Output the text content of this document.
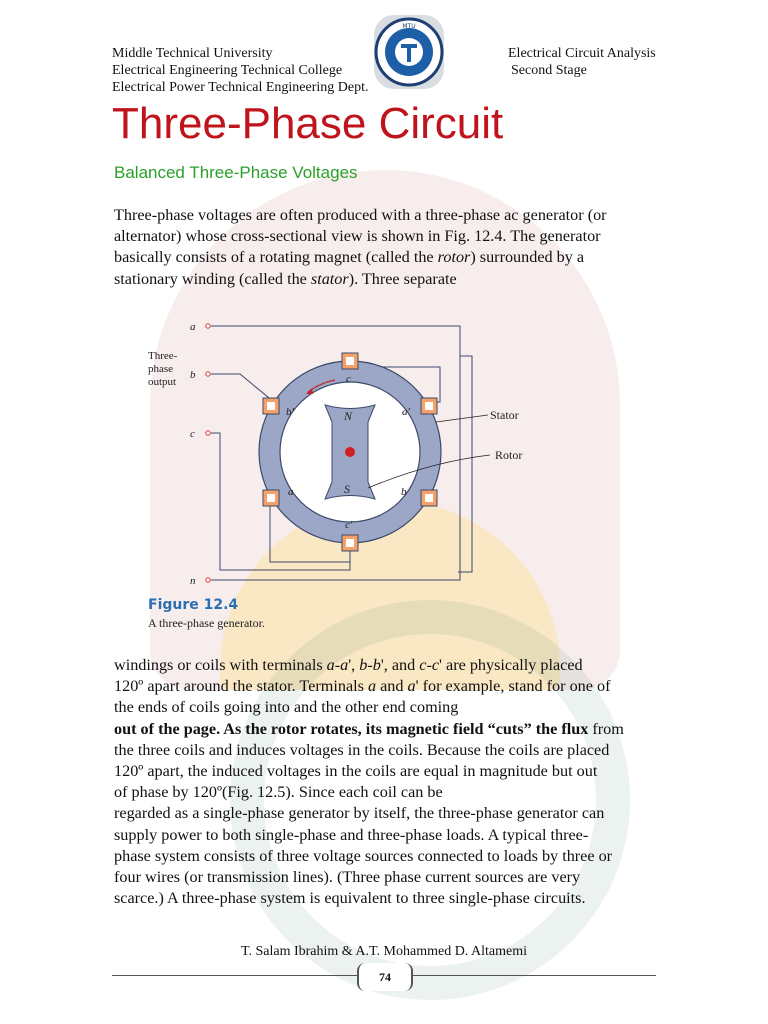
Middle Technical University
Electrical Engineering Technical College
Electrical Power Technical Engineering Dept.
MTU
Electrical Circuit Analysis
Second Stage
Three-Phase Circuit
Balanced Three-Phase Voltages
Three-phase voltages are often produced with a three-phase ac generator (or
alternator) whose cross-sectional view is shown in Fig. 12.4. The generator
basically consists of a rotating magnet (called the rotor) surrounded by a
stationary winding (called the stator). Three separate
Three-
phase
output
a
b
c
n
N
S
c
c′
b′	a′
a	b
Stator
Rotor
Figure 12.4
A three-phase generator.
windings or coils with terminals a-a', b-b', and c-c' are physically placed
120º apart around the stator. Terminals a and a' for example, stand for one of
the ends of coils going into and the other end coming
out of the page. As the rotor rotates, its magnetic field “cuts” the flux from
the three coils and induces voltages in the coils. Because the coils are placed
120º apart, the induced voltages in the coils are equal in magnitude but out
of phase by 120º(Fig. 12.5). Since each coil can be
regarded as a single-phase generator by itself, the three-phase generator can
supply power to both single-phase and three-phase loads. A typical three-
phase system consists of three voltage sources connected to loads by three or
four wires (or transmission lines). (Three phase current sources are very
scarce.) A three-phase system is equivalent to three single-phase circuits.
T. Salam Ibrahim & A.T. Mohammed D. Altamemi
74
